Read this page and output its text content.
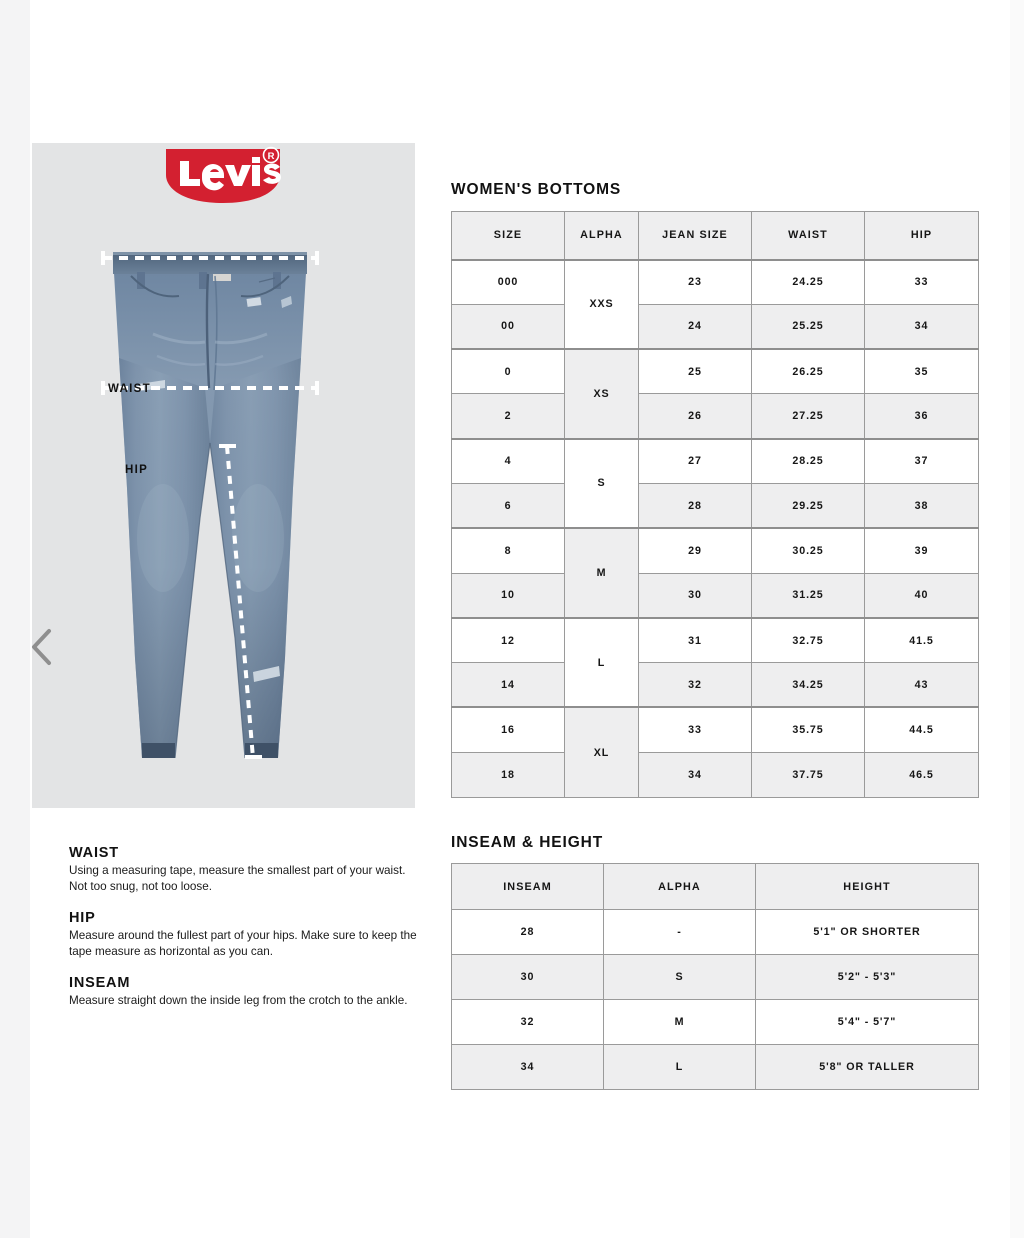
R
WAIST
HIP
WAIST

Using a measuring tape, measure the smallest part of your waist. Not too snug, not too loose.

HIP

Measure around the fullest part of your hips. Make sure to keep the tape measure as horizontal as you can.

INSEAM

Measure straight down the inside leg from the crotch to the ankle.

WOMEN'S BOTTOMS
SIZE	ALPHA	JEAN SIZE	WAIST	HIP
000	XXS	23	24.25	33
00		24	25.25	34
0	XS	25	26.25	35
2		26	27.25	36
4	S	27	28.25	37
6		28	29.25	38
8	M	29	30.25	39
10		30	31.25	40
12	L	31	32.75	41.5
14		32	34.25	43
16	XL	33	35.75	44.5
18		34	37.75	46.5
INSEAM & HEIGHT
INSEAM	ALPHA	HEIGHT
28	-	5'1" OR SHORTER
30	S	5'2" - 5'3"
32	M	5'4" - 5'7"
34	L	5'8" OR TALLER
